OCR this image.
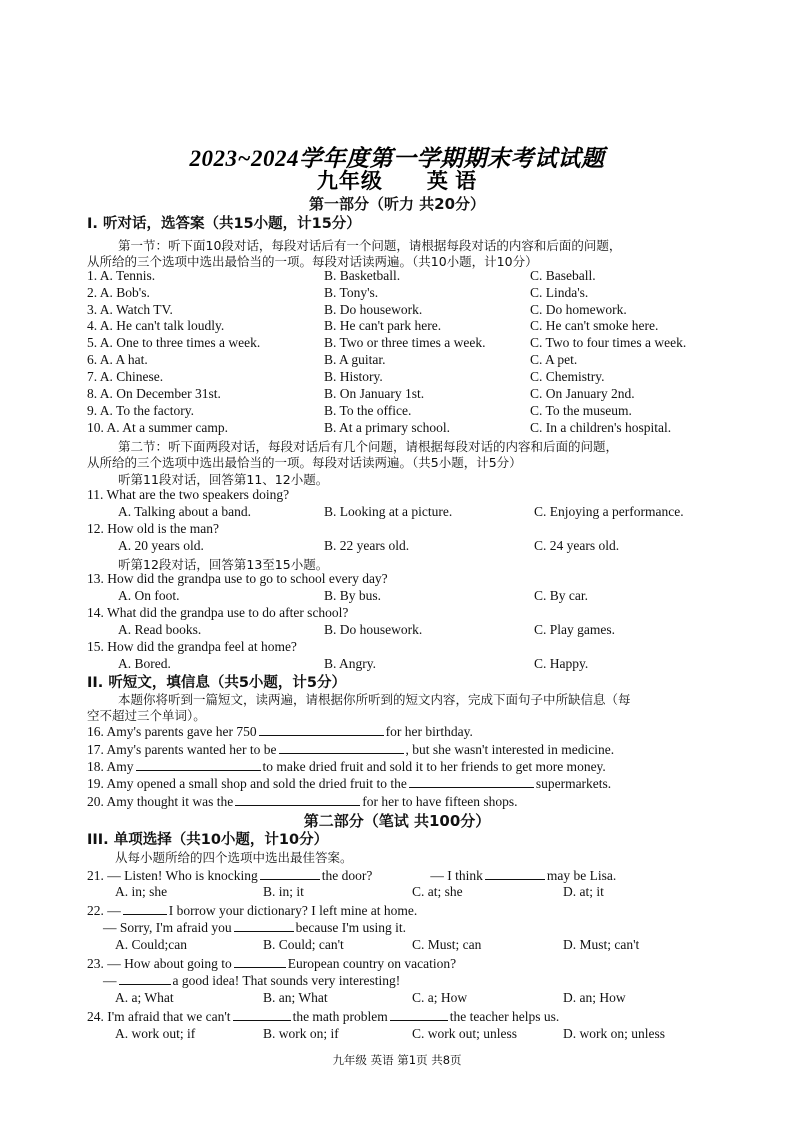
2023~2024学年度第一学期期末考试试题
九年级 英 语
第一部分（听力 共20分）
I. 听对话，选答案（共15小题，计15分）
第一节：听下面10段对话，每段对话后有一个问题，请根据每段对话的内容和后面的问题，
从所给的三个选项中选出最恰当的一项。每段对话读两遍。（共10小题，计10分）
1. A. Tennis.	B. Basketball.	C. Baseball.
2. A. Bob's.	B. Tony's.	C. Linda's.
3. A. Watch TV.	B. Do housework.	C. Do homework.
4. A. He can't talk loudly.	B. He can't park here.	C. He can't smoke here.
5. A. One to three times a week.	B. Two or three times a week.	C. Two to four times a week.
6. A. A hat.	B. A guitar.	C. A pet.
7. A. Chinese.	B. History.	C. Chemistry.
8. A. On December 31st.	B. On January 1st.	C. On January 2nd.
9. A. To the factory.	B. To the office.	C. To the museum.
10. A. At a summer camp.	B. At a primary school.	C. In a children's hospital.
第二节：听下面两段对话，每段对话后有几个问题，请根据每段对话的内容和后面的问题，
从所给的三个选项中选出最恰当的一项。每段对话读两遍。（共5小题，计5分）
听第11段对话，回答第11、12小题。
11. What are the two speakers doing?
A. Talking about a band.	B. Looking at a picture.	C. Enjoying a performance.
12. How old is the man?
A. 20 years old.	B. 22 years old.	C. 24 years old.
听第12段对话，回答第13至15小题。
13. How did the grandpa use to go to school every day?
A. On foot.	B. By bus.	C. By car.
14. What did the grandpa use to do after school?
A. Read books.	B. Do housework.	C. Play games.
15. How did the grandpa feel at home?
A. Bored.	B. Angry.	C. Happy.
II. 听短文，填信息（共5小题，计5分）
本题你将听到一篇短文，读两遍，请根据你所听到的短文内容，完成下面句子中所缺信息（每
空不超过三个单词）。
16. Amy's parents gave her 750	for her birthday.
17. Amy's parents wanted her to be	, but she wasn't interested in medicine.
18. Amy	to make dried fruit and sold it to her friends to get more money.
19. Amy opened a small shop and sold the dried fruit to the	supermarkets.
20. Amy thought it was the	for her to have fifteen shops.
第二部分（笔试 共100分）
III. 单项选择（共10小题，计10分）
从每小题所给的四个选项中选出最佳答案。
21. — Listen! Who is knocking	the door?	— I think	may be Lisa.
A. in; she	B. in; it	C. at; she	D. at; it
22. —	I borrow your dictionary? I left mine at home.
— Sorry, I'm afraid you	because I'm using it.
A. Could;can	B. Could; can't	C. Must; can	D. Must; can't
23. — How about going to	European country on vacation?
—	a good idea! That sounds very interesting!
A. a; What	B. an; What	C. a; How	D. an; How
24. I'm afraid that we can't	the math problem	the teacher helps us.
A. work out; if	B. work on; if	C. work out; unless	D. work on; unless
九年级 英语 第1页 共8页
